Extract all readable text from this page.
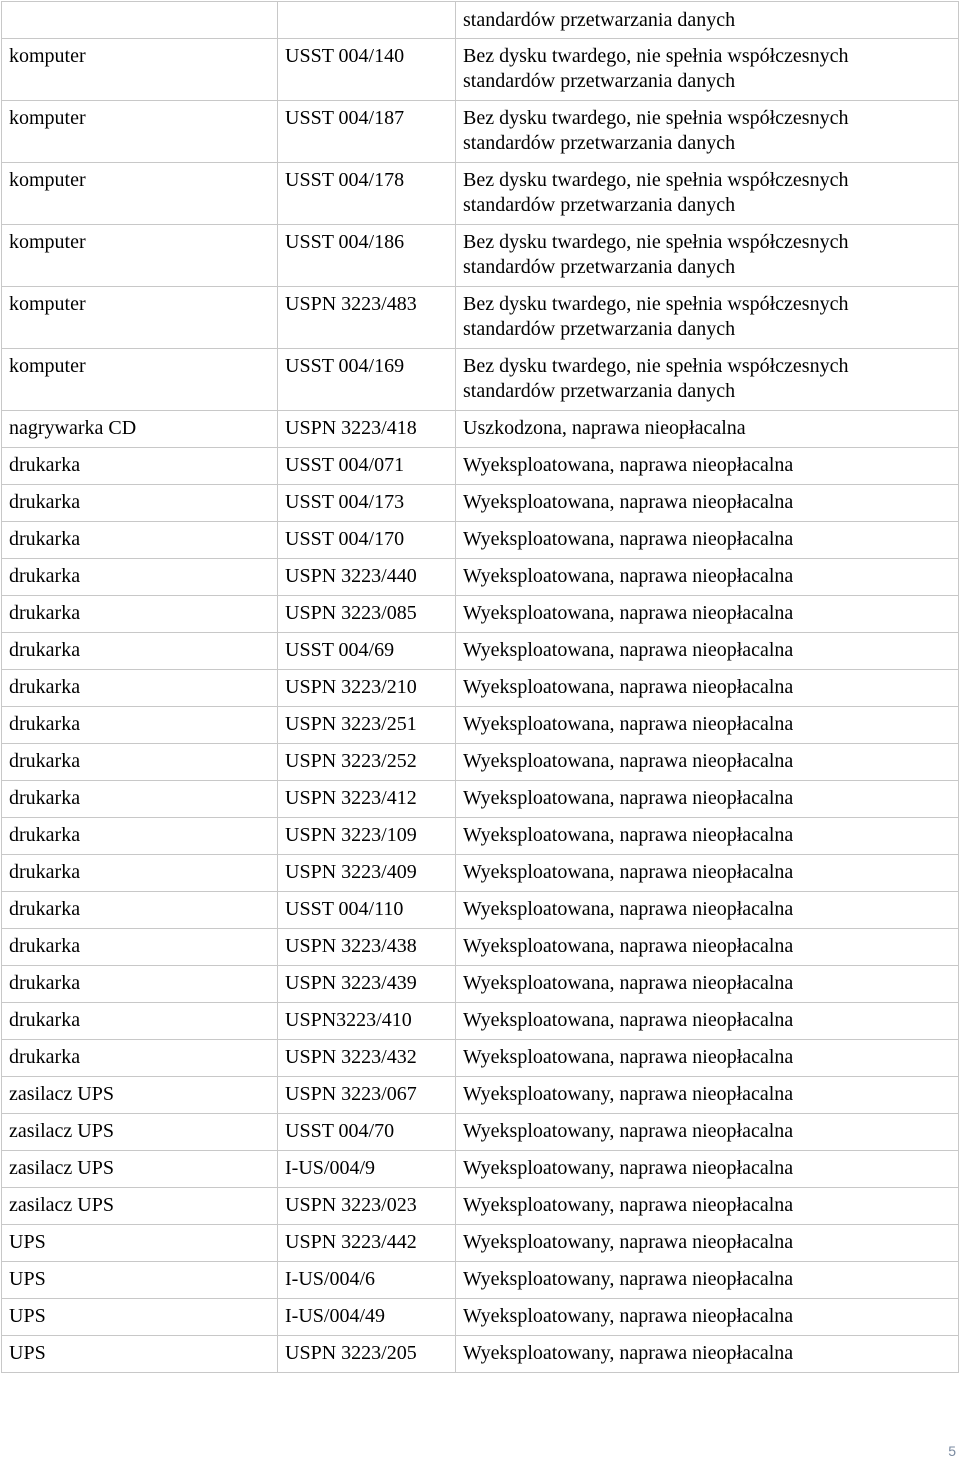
		standardów przetwarzania danych
komputer	USST 004/140	Bez dysku twardego, nie spełnia współczesnych
standardów przetwarzania danych

komputer	USST 004/187	Bez dysku twardego, nie spełnia współczesnych
standardów przetwarzania danych

komputer	USST 004/178	Bez dysku twardego, nie spełnia współczesnych
standardów przetwarzania danych

komputer	USST 004/186	Bez dysku twardego, nie spełnia współczesnych
standardów przetwarzania danych

komputer	USPN 3223/483	Bez dysku twardego, nie spełnia współczesnych
standardów przetwarzania danych

komputer	USST 004/169	Bez dysku twardego, nie spełnia współczesnych
standardów przetwarzania danych

nagrywarka CD	USPN 3223/418	Uszkodzona, naprawa nieopłacalna

drukarka	USST 004/071	Wyeksploatowana, naprawa nieopłacalna

drukarka	USST 004/173	Wyeksploatowana, naprawa nieopłacalna

drukarka	USST 004/170	Wyeksploatowana, naprawa nieopłacalna

drukarka	USPN 3223/440	Wyeksploatowana, naprawa nieopłacalna

drukarka	USPN 3223/085	Wyeksploatowana, naprawa nieopłacalna

drukarka	USST 004/69	Wyeksploatowana, naprawa nieopłacalna

drukarka	USPN 3223/210	Wyeksploatowana, naprawa nieopłacalna

drukarka	USPN 3223/251	Wyeksploatowana, naprawa nieopłacalna

drukarka	USPN 3223/252	Wyeksploatowana, naprawa nieopłacalna

drukarka	USPN 3223/412	Wyeksploatowana, naprawa nieopłacalna

drukarka	USPN 3223/109	Wyeksploatowana, naprawa nieopłacalna

drukarka	USPN 3223/409	Wyeksploatowana, naprawa nieopłacalna

drukarka	USST 004/110	Wyeksploatowana, naprawa nieopłacalna

drukarka	USPN 3223/438	Wyeksploatowana, naprawa nieopłacalna

drukarka	USPN 3223/439	Wyeksploatowana, naprawa nieopłacalna

drukarka	USPN3223/410	Wyeksploatowana, naprawa nieopłacalna

drukarka	USPN 3223/432	Wyeksploatowana, naprawa nieopłacalna

zasilacz UPS	USPN 3223/067	Wyeksploatowany, naprawa nieopłacalna

zasilacz UPS	USST 004/70	Wyeksploatowany, naprawa nieopłacalna

zasilacz UPS	I-US/004/9	Wyeksploatowany, naprawa nieopłacalna

zasilacz UPS	USPN 3223/023	Wyeksploatowany, naprawa nieopłacalna

UPS	USPN 3223/442	Wyeksploatowany, naprawa nieopłacalna

UPS	I-US/004/6	Wyeksploatowany, naprawa nieopłacalna

UPS	I-US/004/49	Wyeksploatowany, naprawa nieopłacalna

UPS	USPN 3223/205	Wyeksploatowany, naprawa nieopłacalna
5
